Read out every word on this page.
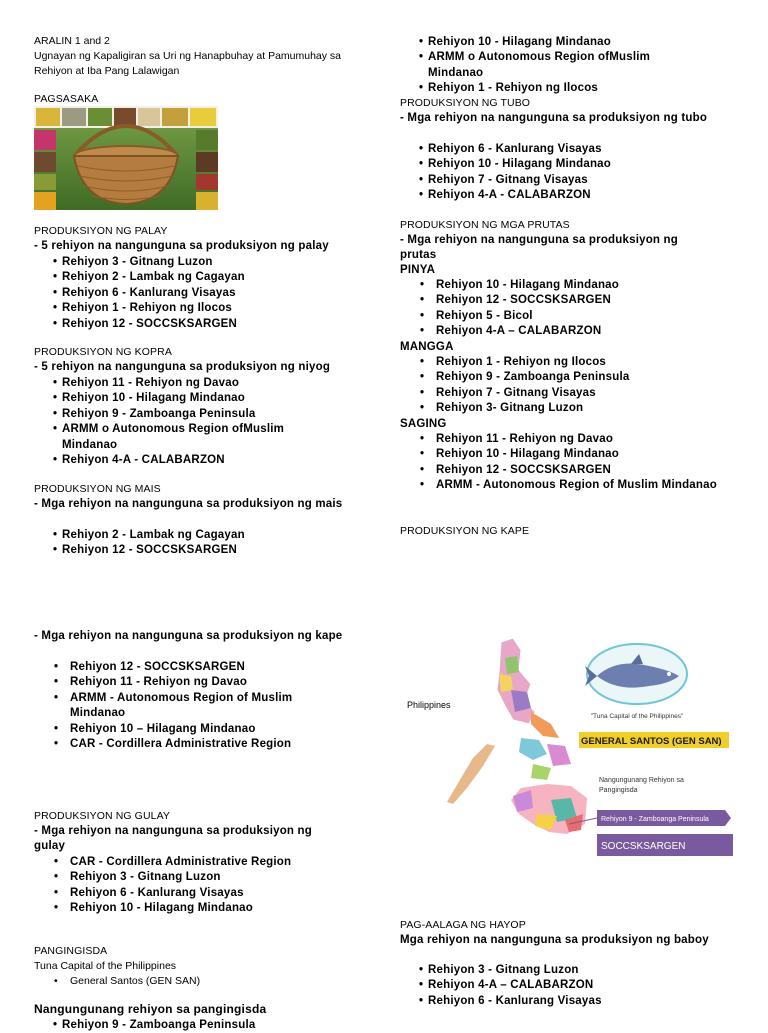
ARALIN 1 and 2
Ugnayan ng Kapaligiran sa Uri ng Hanapbuhay at Pamumuhay sa Rehiyon at Iba Pang Lalawigan
PAGSASAKA
PRODUKSIYON NG PALAY
- 5 rehiyon na nangunguna sa produksiyon ng palay
• Rehiyon 3 - Gitnang Luzon
• Rehiyon 2 - Lambak ng Cagayan
• Rehiyon 6 - Kanlurang Visayas
• Rehiyon 1 - Rehiyon ng Ilocos
• Rehiyon 12 - SOCCSKSARGEN
PRODUKSIYON NG KOPRA
- 5 rehiyon na nangunguna sa produksiyon ng niyog
• Rehiyon 11 - Rehiyon ng Davao
• Rehiyon 10 - Hilagang Mindanao
• Rehiyon 9 - Zamboanga Peninsula
• ARMM o Autonomous Region ofMuslim Mindanao
• Rehiyon 4-A - CALABARZON
PRODUKSIYON NG MAIS
- Mga rehiyon na nangunguna sa produksiyon ng mais
• Rehiyon 2 - Lambak ng Cagayan
• Rehiyon 12 - SOCCSKSARGEN
- Mga rehiyon na nangunguna sa produksiyon ng kape
• Rehiyon 12 - SOCCSKSARGEN
• Rehiyon 11 - Rehiyon ng Davao
• ARMM - Autonomous Region of Muslim Mindanao
• Rehiyon 10 – Hilagang Mindanao
• CAR - Cordillera Administrative Region
PRODUKSIYON NG GULAY
- Mga rehiyon na nangunguna sa produksiyon ng gulay
• CAR - Cordillera Administrative Region
• Rehiyon 3 - Gitnang Luzon
• Rehiyon 6 - Kanlurang Visayas
• Rehiyon 10 - Hilagang Mindanao
PANGINGISDA
Tuna Capital of the Philippines
• General Santos (GEN SAN)
Nangungunang rehiyon sa pangingisda
• Rehiyon 9 - Zamboanga Peninsula
• Rehiyon 10 - Hilagang Mindanao
• ARMM o Autonomous Region ofMuslim Mindanao
• Rehiyon 1 - Rehiyon ng Ilocos
PRODUKSIYON NG TUBO
- Mga rehiyon na nangunguna sa produksiyon ng tubo
• Rehiyon 6 - Kanlurang Visayas
• Rehiyon 10 - Hilagang Mindanao
• Rehiyon 7 - Gitnang Visayas
• Rehiyon 4-A - CALABARZON
PRODUKSIYON NG MGA PRUTAS
- Mga rehiyon na nangunguna sa produksiyon ng prutas
PINYA
• Rehiyon 10 - Hilagang Mindanao
• Rehiyon 12 - SOCCSKSARGEN
• Rehiyon 5 - Bicol
• Rehiyon 4-A – CALABARZON
MANGGA
• Rehiyon 1 - Rehiyon ng Ilocos
• Rehiyon 9 - Zamboanga Peninsula
• Rehiyon 7 - Gitnang Visayas
• Rehiyon 3- Gitnang Luzon
SAGING
• Rehiyon 11 - Rehiyon ng Davao
• Rehiyon 10 - Hilagang Mindanao
• Rehiyon 12 - SOCCSKSARGEN
• ARMM - Autonomous Region of Muslim Mindanao
PRODUKSIYON NG KAPE
Philippines
"Tuna Capital of the Philippines"
GENERAL SANTOS (GEN SAN)
Nangungunang Rehiyon sa Pangingisda
Rehiyon 9 - Zamboanga Peninsula
SOCCSKSARGEN
PAG-AALAGA NG HAYOP
Mga rehiyon na nangunguna sa produksiyon ng baboy
• Rehiyon 3 - Gitnang Luzon
• Rehiyon 4-A – CALABARZON
• Rehiyon 6 - Kanlurang Visayas
